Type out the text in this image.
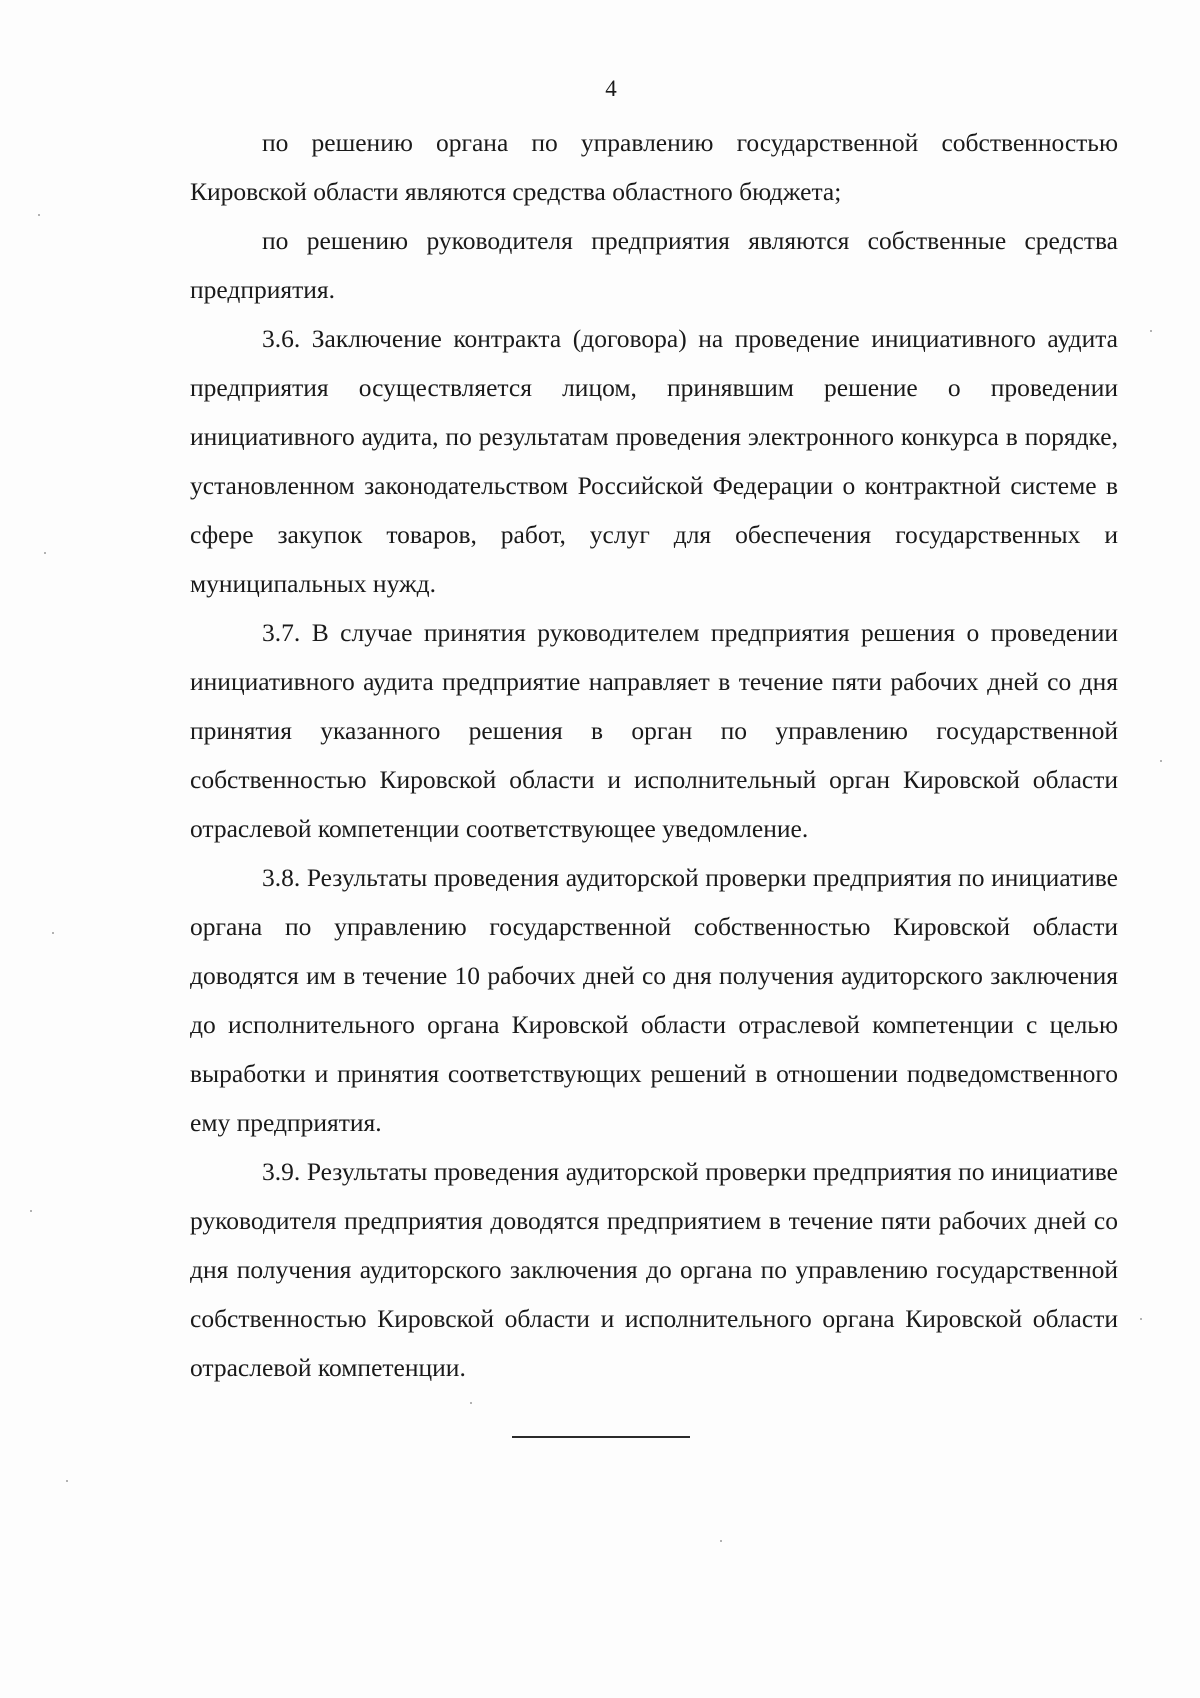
4

по решению органа по управлению государственной собственностью Кировской области являются средства областного бюджета;

по решению руководителя предприятия являются собственные средства предприятия.

3.6. Заключение контракта (договора) на проведение инициативного аудита предприятия осуществляется лицом, принявшим решение о проведении инициативного аудита, по результатам проведения электронного конкурса в порядке, установленном законодательством Российской Федерации о контрактной системе в сфере закупок товаров, работ, услуг для обеспечения государственных и муниципальных нужд.

3.7. В случае принятия руководителем предприятия решения о проведении инициативного аудита предприятие направляет в течение пяти рабочих дней со дня принятия указанного решения в орган по управлению государственной собственностью Кировской области и исполнительный орган Кировской области отраслевой компетенции соответствующее уведомление.

3.8. Результаты проведения аудиторской проверки предприятия по инициативе органа по управлению государственной собственностью Кировской области доводятся им в течение 10 рабочих дней со дня получения аудиторского заключения до исполнительного органа Кировской области отраслевой компетенции с целью выработки и принятия соответствующих решений в отношении подведомственного ему предприятия.

3.9. Результаты проведения аудиторской проверки предприятия по инициативе руководителя предприятия доводятся предприятием в течение пяти рабочих дней со дня получения аудиторского заключения до органа по управлению государственной собственностью Кировской области и исполнительного органа Кировской области отраслевой компетенции.
